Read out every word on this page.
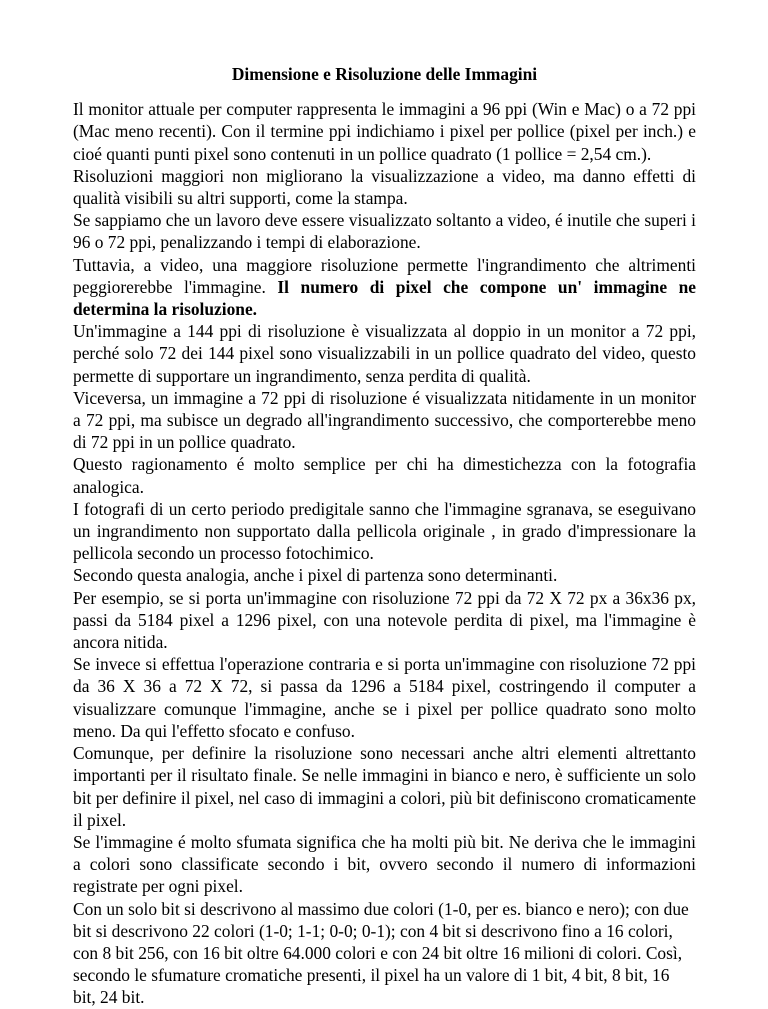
Dimensione e Risoluzione delle Immagini

Il monitor attuale per computer rappresenta le immagini a 96 ppi (Win e Mac) o a 72 ppi (Mac meno recenti). Con il termine ppi indichiamo i pixel per pollice (pixel per inch.) e cioé quanti punti pixel sono contenuti in un pollice quadrato (1 pollice = 2,54 cm.).

Risoluzioni maggiori non migliorano la visualizzazione a video, ma danno effetti di qualità visibili su altri supporti, come la stampa.

Se sappiamo che un lavoro deve essere visualizzato soltanto a video, é inutile che superi i 96 o 72 ppi, penalizzando i tempi di elaborazione.

Tuttavia, a video, una maggiore risoluzione permette l'ingrandimento che altrimenti peggiorerebbe l'immagine. Il numero di pixel che compone un' immagine ne determina la risoluzione.

Un'immagine a 144 ppi di risoluzione è visualizzata al doppio in un monitor a 72 ppi, perché solo 72 dei 144 pixel sono visualizzabili in un pollice quadrato del video, questo permette di supportare un ingrandimento, senza perdita di qualità.

Viceversa, un immagine a 72 ppi di risoluzione é visualizzata nitidamente in un monitor a 72 ppi, ma subisce un degrado all'ingrandimento successivo, che comporterebbe meno di 72 ppi in un pollice quadrato.

Questo ragionamento é molto semplice per chi ha dimestichezza con la fotografia analogica.

I fotografi di un certo periodo predigitale sanno che l'immagine sgranava, se eseguivano un ingrandimento non supportato dalla pellicola originale , in grado d'impressionare la pellicola secondo un processo fotochimico.

Secondo questa analogia, anche i pixel di partenza sono determinanti.

Per esempio, se si porta un'immagine con risoluzione 72 ppi da 72 X 72 px a 36x36 px, passi da 5184 pixel a 1296 pixel, con una notevole perdita di pixel, ma l'immagine è ancora nitida.

Se invece si effettua l'operazione contraria e si porta un'immagine con risoluzione 72 ppi da 36 X 36 a 72 X 72, si passa da 1296 a 5184 pixel, costringendo il computer a visualizzare comunque l'immagine, anche se i pixel per pollice quadrato sono molto meno. Da qui l'effetto sfocato e confuso.

Comunque, per definire la risoluzione sono necessari anche altri elementi altrettanto importanti per il risultato finale. Se nelle immagini in bianco e nero, è sufficiente un solo bit per definire il pixel, nel caso di immagini a colori, più bit definiscono cromaticamente il pixel.

Se l'immagine é molto sfumata significa che ha molti più bit. Ne deriva che le immagini a colori sono classificate secondo i bit, ovvero secondo il numero di informazioni registrate per ogni pixel.

Con un solo bit si descrivono al massimo due colori (1-0, per es. bianco e nero); con due bit si descrivono 22 colori (1-0; 1-1; 0-0; 0-1); con 4 bit si descrivono fino a 16 colori, con 8 bit 256, con 16 bit oltre 64.000 colori e con 24 bit oltre 16 milioni di colori. Così, secondo le sfumature cromatiche presenti, il pixel ha un valore di 1 bit, 4 bit, 8 bit, 16 bit, 24 bit.
